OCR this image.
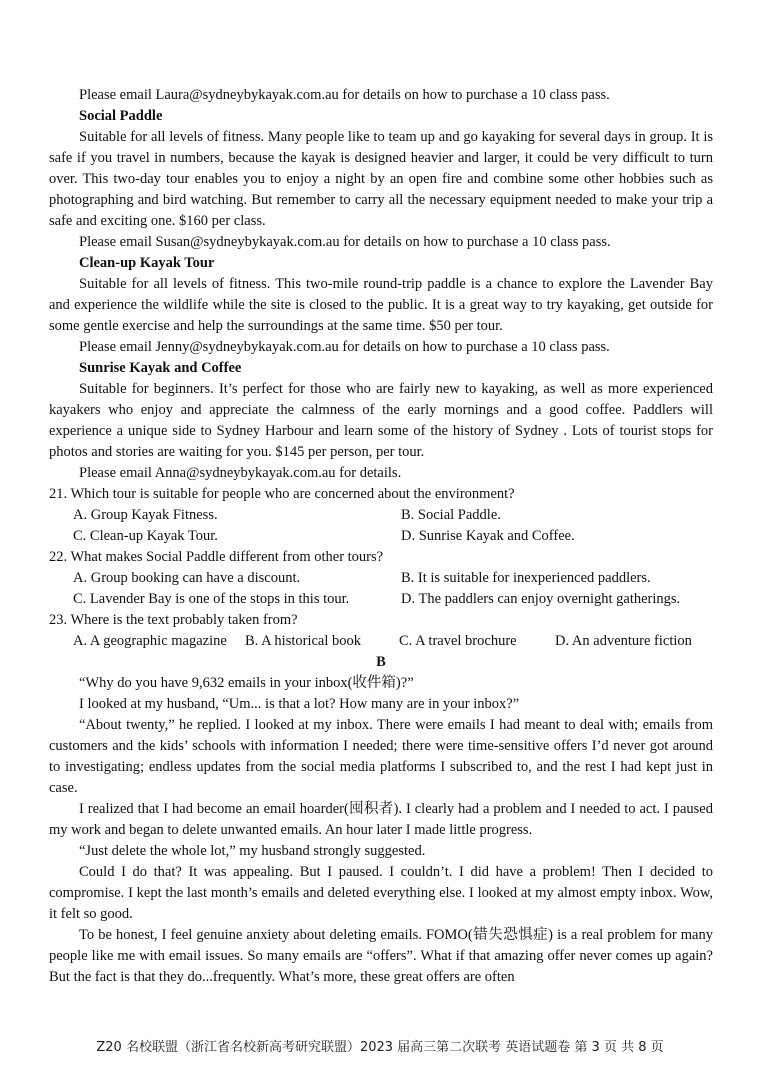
Please email Laura@sydneybykayak.com.au for details on how to purchase a 10 class pass.

Social Paddle

Suitable for all levels of fitness. Many people like to team up and go kayaking for several days in group. It is safe if you travel in numbers, because the kayak is designed heavier and larger, it could be very difficult to turn over. This two-day tour enables you to enjoy a night by an open fire and combine some other hobbies such as photographing and bird watching. But remember to carry all the necessary equipment needed to make your trip a safe and exciting one. $160 per class.

Please email Susan@sydneybykayak.com.au for details on how to purchase a 10 class pass.

Clean-up Kayak Tour

Suitable for all levels of fitness. This two-mile round-trip paddle is a chance to explore the Lavender Bay and experience the wildlife while the site is closed to the public. It is a great way to try kayaking, get outside for some gentle exercise and help the surroundings at the same time. $50 per tour.

Please email Jenny@sydneybykayak.com.au for details on how to purchase a 10 class pass.

Sunrise Kayak and Coffee

Suitable for beginners. It’s perfect for those who are fairly new to kayaking, as well as more experienced kayakers who enjoy and appreciate the calmness of the early mornings and a good coffee. Paddlers will experience a unique side to Sydney Harbour and learn some of the history of Sydney . Lots of tourist stops for photos and stories are waiting for you. $145 per person, per tour.

Please email Anna@sydneybykayak.com.au for details.

21. Which tour is suitable for people who are concerned about the environment?

A. Group Kayak Fitness.	B. Social Paddle.
C. Clean-up Kayak Tour.	D. Sunrise Kayak and Coffee.

22. What makes Social Paddle different from other tours?

A. Group booking can have a discount.	B. It is suitable for inexperienced paddlers.
C. Lavender Bay is one of the stops in this tour.	D. The paddlers can enjoy overnight gatherings.

23. Where is the text probably taken from?

A. A geographic magazine	B. A historical book	C. A travel brochure	D. An adventure fiction

B

“Why do you have 9,632 emails in your inbox(收件箱)?”

I looked at my husband, “Um... is that a lot? How many are in your inbox?”

“About twenty,” he replied. I looked at my inbox. There were emails I had meant to deal with; emails from customers and the kids’ schools with information I needed; there were time-sensitive offers I’d never got around to investigating; endless updates from the social media platforms I subscribed to, and the rest I had kept just in case.

I realized that I had become an email hoarder(囤积者). I clearly had a problem and I needed to act. I paused my work and began to delete unwanted emails. An hour later I made little progress.

“Just delete the whole lot,” my husband strongly suggested.

Could I do that? It was appealing. But I paused. I couldn’t. I did have a problem! Then I decided to compromise. I kept the last month’s emails and deleted everything else. I looked at my almost empty inbox. Wow, it felt so good.

To be honest, I feel genuine anxiety about deleting emails. FOMO(错失恐惧症) is a real problem for many people like me with email issues. So many emails are “offers”. What if that amazing offer never comes up again? But the fact is that they do...frequently. What’s more, these great offers are often

Z20 名校联盟（浙江省名校新高考研究联盟）2023 届高三第二次联考 英语试题卷 第 3 页 共 8 页
